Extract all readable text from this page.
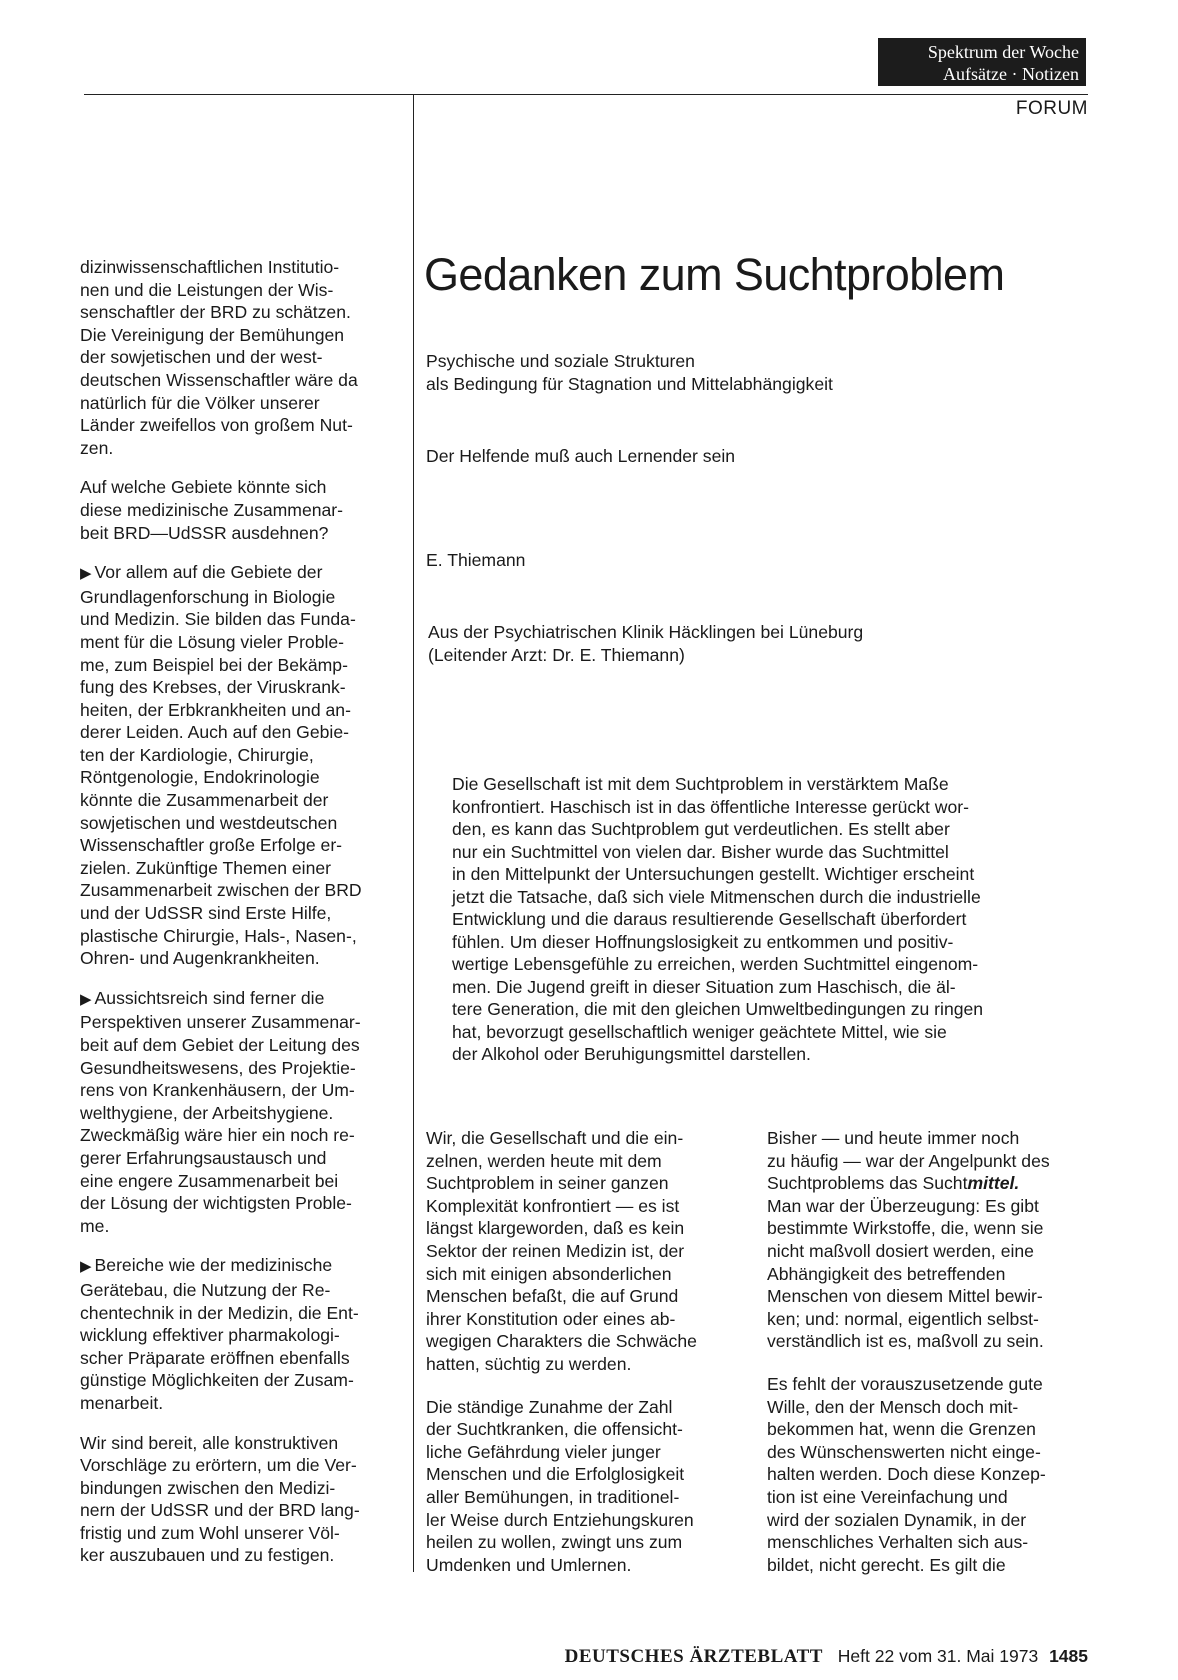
Spektrum der Woche
Aufsätze · Notizen
FORUM

dizinwissenschaftlichen Institutio-
nen und die Leistungen der Wis-
senschaftler der BRD zu schätzen.
Die Vereinigung der Bemühungen
der sowjetischen und der west-
deutschen Wissenschaftler wäre da
natürlich für die Völker unserer
Länder zweifellos von großem Nut-
zen.

Auf welche Gebiete könnte sich
diese medizinische Zusammenar-
beit BRD—UdSSR ausdehnen?

▶ Vor allem auf die Gebiete der
Grundlagenforschung in Biologie
und Medizin. Sie bilden das Funda-
ment für die Lösung vieler Proble-
me, zum Beispiel bei der Bekämp-
fung des Krebses, der Viruskrank-
heiten, der Erbkrankheiten und an-
derer Leiden. Auch auf den Gebie-
ten der Kardiologie, Chirurgie,
Röntgenologie, Endokrinologie
könnte die Zusammenarbeit der
sowjetischen und westdeutschen
Wissenschaftler große Erfolge er-
zielen. Zukünftige Themen einer
Zusammenarbeit zwischen der BRD
und der UdSSR sind Erste Hilfe,
plastische Chirurgie, Hals-, Nasen-,
Ohren- und Augenkrankheiten.

▶ Aussichtsreich sind ferner die
Perspektiven unserer Zusammenar-
beit auf dem Gebiet der Leitung des
Gesundheitswesens, des Projektie-
rens von Krankenhäusern, der Um-
welthygiene, der Arbeitshygiene.
Zweckmäßig wäre hier ein noch re-
gerer Erfahrungsaustausch und
eine engere Zusammenarbeit bei
der Lösung der wichtigsten Proble-
me.

▶ Bereiche wie der medizinische
Gerätebau, die Nutzung der Re-
chentechnik in der Medizin, die Ent-
wicklung effektiver pharmakologi-
scher Präparate eröffnen ebenfalls
günstige Möglichkeiten der Zusam-
menarbeit.

Wir sind bereit, alle konstruktiven
Vorschläge zu erörtern, um die Ver-
bindungen zwischen den Medizi-
nern der UdSSR und der BRD lang-
fristig und zum Wohl unserer Völ-
ker auszubauen und zu festigen.

Gedanken zum Suchtproblem
Psychische und soziale Strukturen
als Bedingung für Stagnation und Mittelabhängigkeit
Der Helfende muß auch Lernender sein
E. Thiemann
Aus der Psychiatrischen Klinik Häcklingen bei Lüneburg
(Leitender Arzt: Dr. E. Thiemann)

Die Gesellschaft ist mit dem Suchtproblem in verstärktem Maße
konfrontiert. Haschisch ist in das öffentliche Interesse gerückt wor-
den, es kann das Suchtproblem gut verdeutlichen. Es stellt aber
nur ein Suchtmittel von vielen dar. Bisher wurde das Suchtmittel
in den Mittelpunkt der Untersuchungen gestellt. Wichtiger erscheint
jetzt die Tatsache, daß sich viele Mitmenschen durch die industrielle
Entwicklung und die daraus resultierende Gesellschaft überfordert
fühlen. Um dieser Hoffnungslosigkeit zu entkommen und positiv-
wertige Lebensgefühle zu erreichen, werden Suchtmittel eingenom-
men. Die Jugend greift in dieser Situation zum Haschisch, die äl-
tere Generation, die mit den gleichen Umweltbedingungen zu ringen
hat, bevorzugt gesellschaftlich weniger geächtete Mittel, wie sie
der Alkohol oder Beruhigungsmittel darstellen.

Wir, die Gesellschaft und die ein-
zelnen, werden heute mit dem
Suchtproblem in seiner ganzen
Komplexität konfrontiert — es ist
längst klargeworden, daß es kein
Sektor der reinen Medizin ist, der
sich mit einigen absonderlichen
Menschen befaßt, die auf Grund
ihrer Konstitution oder eines ab-
wegigen Charakters die Schwäche
hatten, süchtig zu werden.

Die ständige Zunahme der Zahl
der Suchtkranken, die offensicht-
liche Gefährdung vieler junger
Menschen und die Erfolglosigkeit
aller Bemühungen, in traditionel-
ler Weise durch Entziehungskuren
heilen zu wollen, zwingt uns zum
Umdenken und Umlernen.

Bisher — und heute immer noch
zu häufig — war der Angelpunkt des
Suchtproblems das Suchtmittel.
Man war der Überzeugung: Es gibt
bestimmte Wirkstoffe, die, wenn sie
nicht maßvoll dosiert werden, eine
Abhängigkeit des betreffenden
Menschen von diesem Mittel bewir-
ken; und: normal, eigentlich selbst-
verständlich ist es, maßvoll zu sein.

Es fehlt der vorauszusetzende gute
Wille, den der Mensch doch mit-
bekommen hat, wenn die Grenzen
des Wünschenswerten nicht einge-
halten werden. Doch diese Konzep-
tion ist eine Vereinfachung und
wird der sozialen Dynamik, in der
menschliches Verhalten sich aus-
bildet, nicht gerecht. Es gilt die

DEUTSCHES ÄRZTEBLATT Heft 22 vom 31. Mai 1973 1485
